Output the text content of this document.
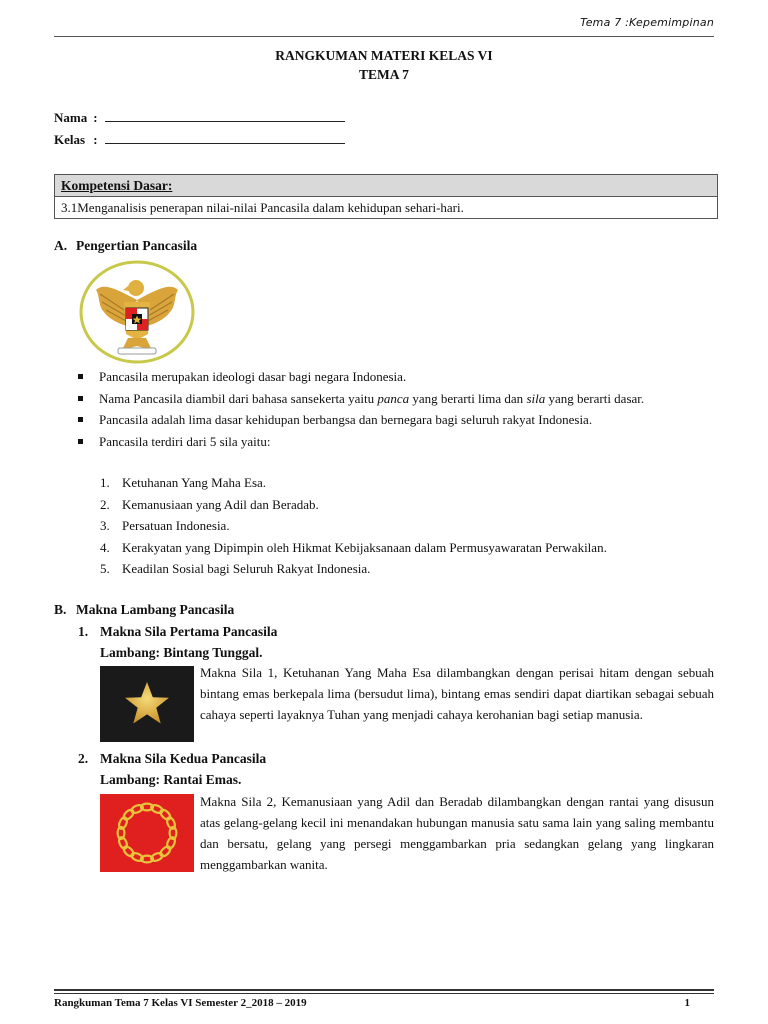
Tema 7 :Kepemimpinan
RANGKUMAN MATERI KELAS VI
TEMA 7
Nama :
Kelas :
Kompetensi Dasar:
3.1Menganalisis penerapan nilai-nilai Pancasila dalam kehidupan sehari-hari.
A. Pengertian Pancasila
Pancasila merupakan ideologi dasar bagi negara Indonesia.
Nama Pancasila diambil dari bahasa sansekerta yaitu panca yang berarti lima dan sila yang berarti dasar.
Pancasila adalah lima dasar kehidupan berbangsa dan bernegara bagi seluruh rakyat Indonesia.
Pancasila terdiri dari 5 sila yaitu:
1. Ketuhanan Yang Maha Esa.
2. Kemanusiaan yang Adil dan Beradab.
3. Persatuan Indonesia.
4. Kerakyatan yang Dipimpin oleh Hikmat Kebijaksanaan dalam Permusyawaratan Perwakilan.
5. Keadilan Sosial bagi Seluruh Rakyat Indonesia.
B. Makna Lambang Pancasila
1. Makna Sila Pertama Pancasila
Lambang: Bintang Tunggal.
Makna Sila 1, Ketuhanan Yang Maha Esa dilambangkan dengan perisai hitam dengan sebuah bintang emas berkepala lima (bersudut lima), bintang emas sendiri dapat diartikan sebagai sebuah cahaya seperti layaknya Tuhan yang menjadi cahaya kerohanian bagi setiap manusia.
2. Makna Sila Kedua Pancasila
Lambang: Rantai Emas.
Makna Sila 2, Kemanusiaan yang Adil dan Beradab dilambangkan dengan rantai yang disusun atas gelang-gelang kecil ini menandakan hubungan manusia satu sama lain yang saling membantu dan bersatu, gelang yang persegi menggambarkan pria sedangkan gelang yang lingkaran menggambarkan wanita.
Rangkuman Tema 7 Kelas VI Semester 2_2018 – 2019	1
